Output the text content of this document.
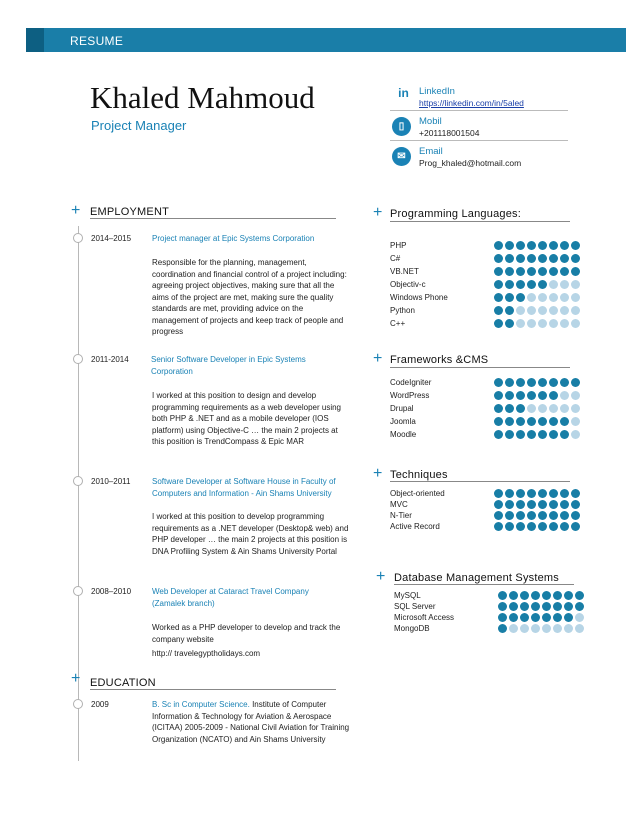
RESUME
Khaled Mahmoud
Project Manager
in	LinkedIn
https://linkedin.com/in/5aled
▯	Mobil
+201118001504
✉	Email
Prog_khaled@hotmail.com
+ EMPLOYMENT
2014–2015	Project manager at Epic Systems Corporation
Responsible for the planning, management, coordination and financial control of a project including: agreeing project objectives, making sure that all the aims of the project are met, making sure the quality standards are met, providing advice on the management of projects and keep track of people and progress
2011-2014	Senior Software Developer in Epic Systems Corporation
I worked at this position to design and develop programming requirements as a web developer using both PHP & .NET and as a mobile developer (IOS platform) using Objective-C … the main 2 projects at this position is TrendCompass & Epic MAR
2010–2011	Software Developer at Software House in Faculty of Computers and Information - Ain Shams University
I worked at this position to develop programming requirements as a .NET developer (Desktop& web) and PHP developer … the main 2 projects at this position is DNA Profiling System & Ain Shams University Portal
2008–2010	Web Developer at Cataract Travel Company (Zamalek branch)
Worked as a PHP developer to develop and track the company website
http:// travelegyptholidays.com
+ EDUCATION
2009	B. Sc in Computer Science. Institute of Computer Information & Technology for Aviation & Aerospace (ICITAA) 2005-2009 - National Civil Aviation for Training Organization (NCATO) and Ain Shams University
+ Programming Languages:
PHP
C#
VB.NET
Objectiv-c
Windows Phone
Python
C++
+ Frameworks &CMS
CodeIgniter
WordPress
Drupal
Joomla
Moodle
+ Techniques
Object-oriented
MVC
N-Tier
Active Record
+ Database Management Systems
MySQL
SQL Server
Microsoft Access
MongoDB
